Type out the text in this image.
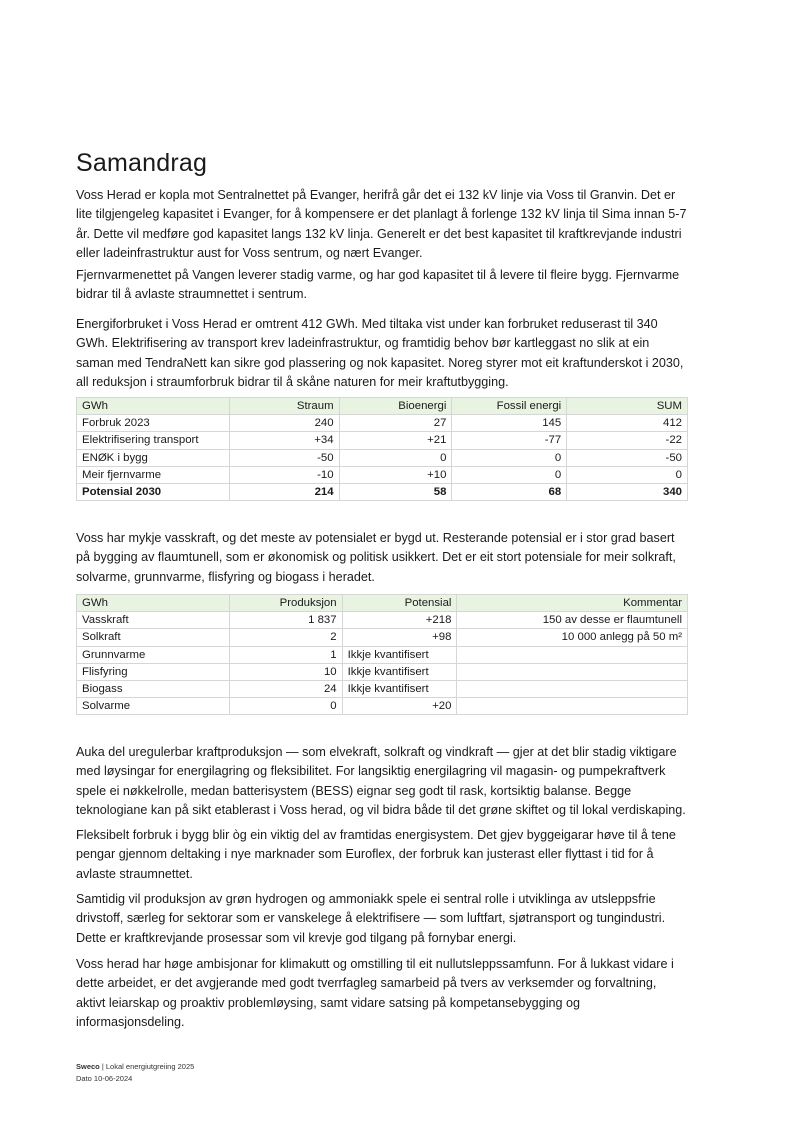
Samandrag

Voss Herad er kopla mot Sentralnettet på Evanger, herifrå går det ei 132 kV linje via Voss til Granvin. Det er lite tilgjengeleg kapasitet i Evanger, for å kompensere er det planlagt å forlenge 132 kV linja til Sima innan 5-7 år. Dette vil medføre god kapasitet langs 132 kV linja. Generelt er det best kapasitet til kraftkrevjande industri eller ladeinfrastruktur aust for Voss sentrum, og nært Evanger.

Fjernvarmenettet på Vangen leverer stadig varme, og har god kapasitet til å levere til fleire bygg. Fjernvarme bidrar til å avlaste straumnettet i sentrum.

Energiforbruket i Voss Herad er omtrent 412 GWh. Med tiltaka vist under kan forbruket reduserast til 340 GWh. Elektrifisering av transport krev ladeinfrastruktur, og framtidig behov bør kartleggast no slik at ein saman med TendraNett kan sikre god plassering og nok kapasitet. Noreg styrer mot eit kraftunderskot i 2030, all reduksjon i straumforbruk bidrar til å skåne naturen for meir kraftutbygging.

GWh	Straum	Bioenergi	Fossil energi	SUM
Forbruk 2023	240	27	145	412
Elektrifisering transport	+34	+21	-77	-22
ENØK i bygg	-50	0	0	-50
Meir fjernvarme	-10	+10	0	0
Potensial 2030	214	58	68	340

Voss har mykje vasskraft, og det meste av potensialet er bygd ut. Resterande potensial er i stor grad basert på bygging av flaumtunell, som er økonomisk og politisk usikkert. Det er eit stort potensiale for meir solkraft, solvarme, grunnvarme, flisfyring og biogass i heradet.

GWh	Produksjon	Potensial	Kommentar
Vasskraft	1 837	+218	150 av desse er flaumtunell
Solkraft	2	+98	10 000 anlegg på 50 m²
Grunnvarme	1	Ikkje kvantifisert	
Flisfyring	10	Ikkje kvantifisert	
Biogass	24	Ikkje kvantifisert	
Solvarme	0	+20	

Auka del uregulerbar kraftproduksjon — som elvekraft, solkraft og vindkraft — gjer at det blir stadig viktigare med løysingar for energilagring og fleksibilitet. For langsiktig energilagring vil magasin- og pumpekraftverk spele ei nøkkelrolle, medan batterisystem (BESS) eignar seg godt til rask, kortsiktig balanse. Begge teknologiane kan på sikt etablerast i Voss herad, og vil bidra både til det grøne skiftet og til lokal verdiskaping.

Fleksibelt forbruk i bygg blir òg ein viktig del av framtidas energisystem. Det gjev byggeigarar høve til å tene pengar gjennom deltaking i nye marknader som Euroflex, der forbruk kan justerast eller flyttast i tid for å avlaste straumnettet.

Samtidig vil produksjon av grøn hydrogen og ammoniakk spele ei sentral rolle i utviklinga av utsleppsfrie drivstoff, særleg for sektorar som er vanskelege å elektrifisere — som luftfart, sjøtransport og tungindustri. Dette er kraftkrevjande prosessar som vil krevje god tilgang på fornybar energi.

Voss herad har høge ambisjonar for klimakutt og omstilling til eit nullutsleppssamfunn. For å lukkast vidare i dette arbeidet, er det avgjerande med godt tverrfagleg samarbeid på tvers av verksemder og forvaltning, aktivt leiarskap og proaktiv problemløysing, samt vidare satsing på kompetansebygging og informasjonsdeling.

Sweco | Lokal energiutgreiing 2025
Dato 10-06-2024
